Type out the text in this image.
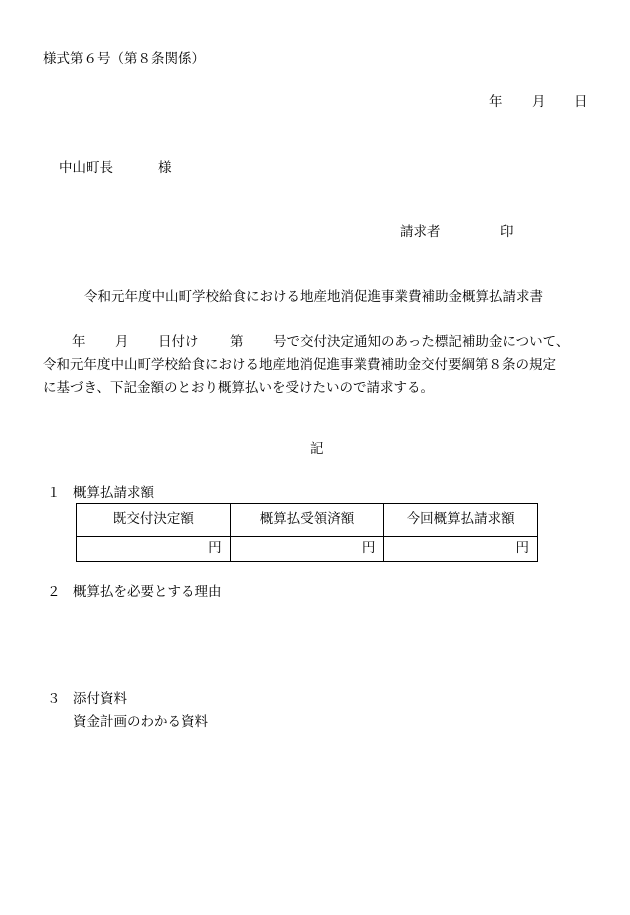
様式第６号（第８条関係）
年 月 日
中山町長	様
請求者	印
令和元年度中山町学校給食における地産地消促進事業費補助金概算払請求書
年 月 日付け 第 号で交付決定通知のあった標記補助金について、
令和元年度中山町学校給食における地産地消促進事業費補助金交付要綱第８条の規定
に基づき、下記金額のとおり概算払いを受けたいので請求する。
記
１ 概算払請求額
既交付決定額	概算払受領済額	今回概算払請求額
円	円	円
２ 概算払を必要とする理由
３ 添付資料
資金計画のわかる資料
